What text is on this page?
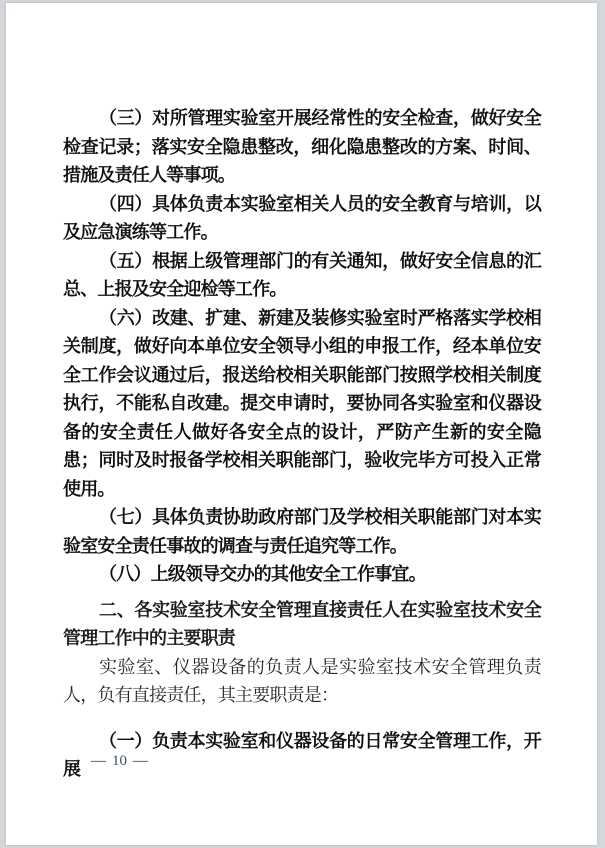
（三）对所管理实验室开展经常性的安全检查，做好安全检查记录；落实安全隐患整改，细化隐患整改的方案、时间、措施及责任人等事项。

（四）具体负责本实验室相关人员的安全教育与培训，以及应急演练等工作。

（五）根据上级管理部门的有关通知，做好安全信息的汇总、上报及安全迎检等工作。

（六）改建、扩建、新建及装修实验室时严格落实学校相关制度，做好向本单位安全领导小组的申报工作，经本单位安全工作会议通过后，报送给校相关职能部门按照学校相关制度执行，不能私自改建。提交申请时，要协同各实验室和仪器设备的安全责任人做好各安全点的设计，严防产生新的安全隐患；同时及时报备学校相关职能部门，验收完毕方可投入正常使用。

（七）具体负责协助政府部门及学校相关职能部门对本实验室安全责任事故的调查与责任追究等工作。

（八）上级领导交办的其他安全工作事宜。

二、各实验室技术安全管理直接责任人在实验室技术安全管理工作中的主要职责

实验室、仪器设备的负责人是实验室技术安全管理负责人，负有直接责任，其主要职责是：

（一）负责本实验室和仪器设备的日常安全管理工作，开展 — 10 —
